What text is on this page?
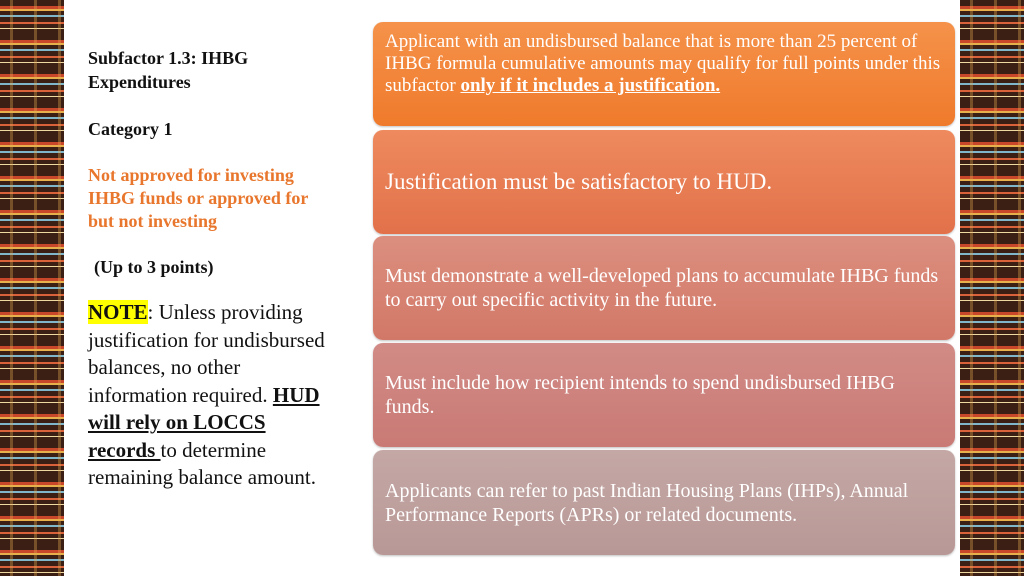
Subfactor 1.3: IHBG Expenditures

Category 1

Not approved for investing IHBG funds or approved for but not investing

(Up to 3 points)

NOTE: Unless providing justification for undisbursed balances, no other information required. HUD will rely on LOCCS records to determine remaining balance amount.

Applicant with an undisbursed balance that is more than 25 percent of IHBG formula cumulative amounts may qualify for full points under this subfactor only if it includes a justification.
Justification must be satisfactory to HUD.
Must demonstrate a well-developed plans to accumulate IHBG funds to carry out specific activity in the future.
Must include how recipient intends to spend undisbursed IHBG funds.
Applicants can refer to past Indian Housing Plans (IHPs), Annual Performance Reports (APRs) or related documents.
